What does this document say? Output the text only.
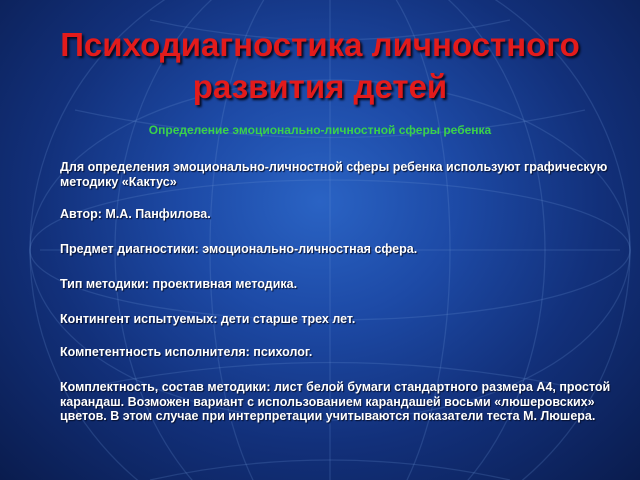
Психодиагностика личностного развития детей
Определение эмоционально-личностной сферы ребенка
Для определения эмоционально-личностной сферы ребенка используют графическую методику «Кактус»
Автор: М.А. Панфилова.
Предмет диагностики: эмоционально-личностная сфера.
Тип методики: проективная методика.
Контингент испытуемых: дети старше трех лет.
Компетентность исполнителя: психолог.
Комплектность, состав методики: лист белой бумаги стандартного размера А4, простой карандаш. Возможен вариант с использованием карандашей восьми «люшеровских» цветов. В этом случае при интерпретации учитываются показатели теста М. Люшера.
